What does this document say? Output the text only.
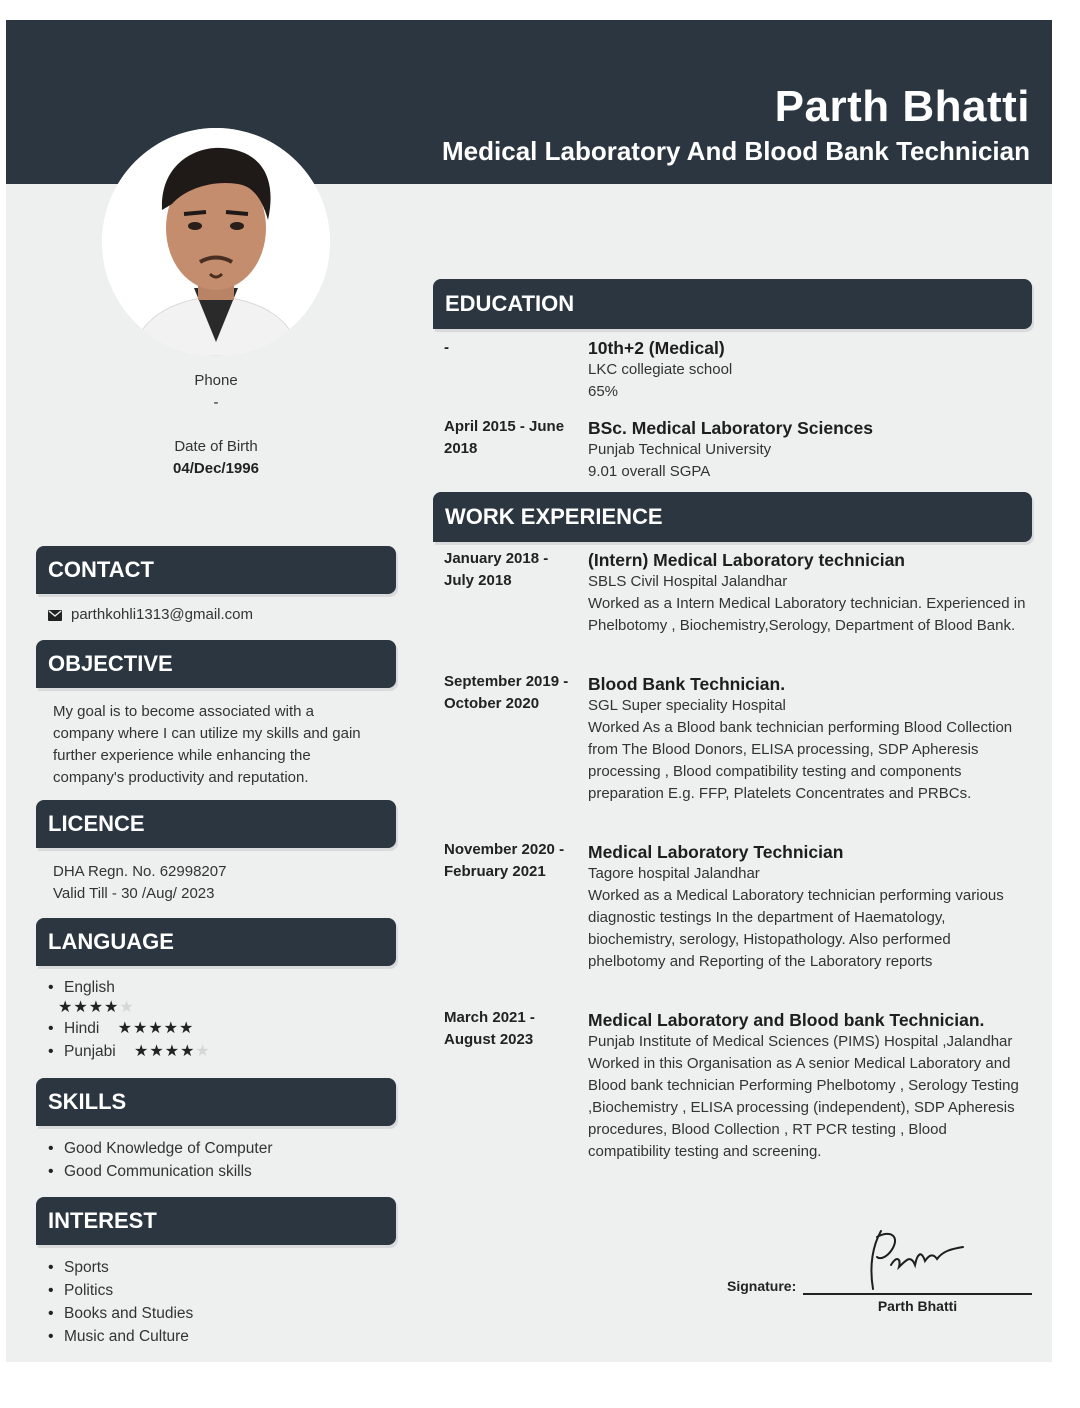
Parth Bhatti
Medical Laboratory And Blood Bank Technician
Phone
-
Date of Birth
04/Dec/1996
CONTACT
parthkohli1313@gmail.com
OBJECTIVE
My goal is to become associated with a
company where I can utilize my skills and gain
further experience while enhancing the
company's productivity and reputation.
LICENCE
DHA Regn. No. 62998207
Valid Till - 30 /Aug/ 2023
LANGUAGE
• English
★★★★★
• Hindi ★★★★★
• Punjabi ★★★★★
SKILLS
• Good Knowledge of Computer
• Good Communication skills
INTEREST
• Sports
• Politics
• Books and Studies
• Music and Culture
EDUCATION
-	10th+2 (Medical)
LKC collegiate school
65%
April 2015 - June 2018
BSc. Medical Laboratory Sciences
Punjab Technical University
9.01 overall SGPA
WORK EXPERIENCE
January 2018 - July 2018
(Intern) Medical Laboratory technician
SBLS Civil Hospital Jalandhar
Worked as a Intern Medical Laboratory technician. Experienced in Phelbotomy , Biochemistry,Serology, Department of Blood Bank.
September 2019 - October 2020
Blood Bank Technician.
SGL Super speciality Hospital
Worked As a Blood bank technician performing Blood Collection from The Blood Donors, ELISA processing, SDP Apheresis processing , Blood compatibility testing and components preparation E.g. FFP, Platelets Concentrates and PRBCs.
November 2020 - February 2021
Medical Laboratory Technician
Tagore hospital Jalandhar
Worked as a Medical Laboratory technician performing various diagnostic testings In the department of Haematology, biochemistry, serology, Histopathology. Also performed phelbotomy and Reporting of the Laboratory reports
March 2021 - August 2023
Medical Laboratory and Blood bank Technician.
Punjab Institute of Medical Sciences (PIMS) Hospital ,Jalandhar
Worked in this Organisation as A senior Medical Laboratory and Blood bank technician Performing Phelbotomy , Serology Testing ,Biochemistry , ELISA processing (independent), SDP Apheresis procedures, Blood Collection , RT PCR testing , Blood compatibility testing and screening.
Signature:
Parth Bhatti
